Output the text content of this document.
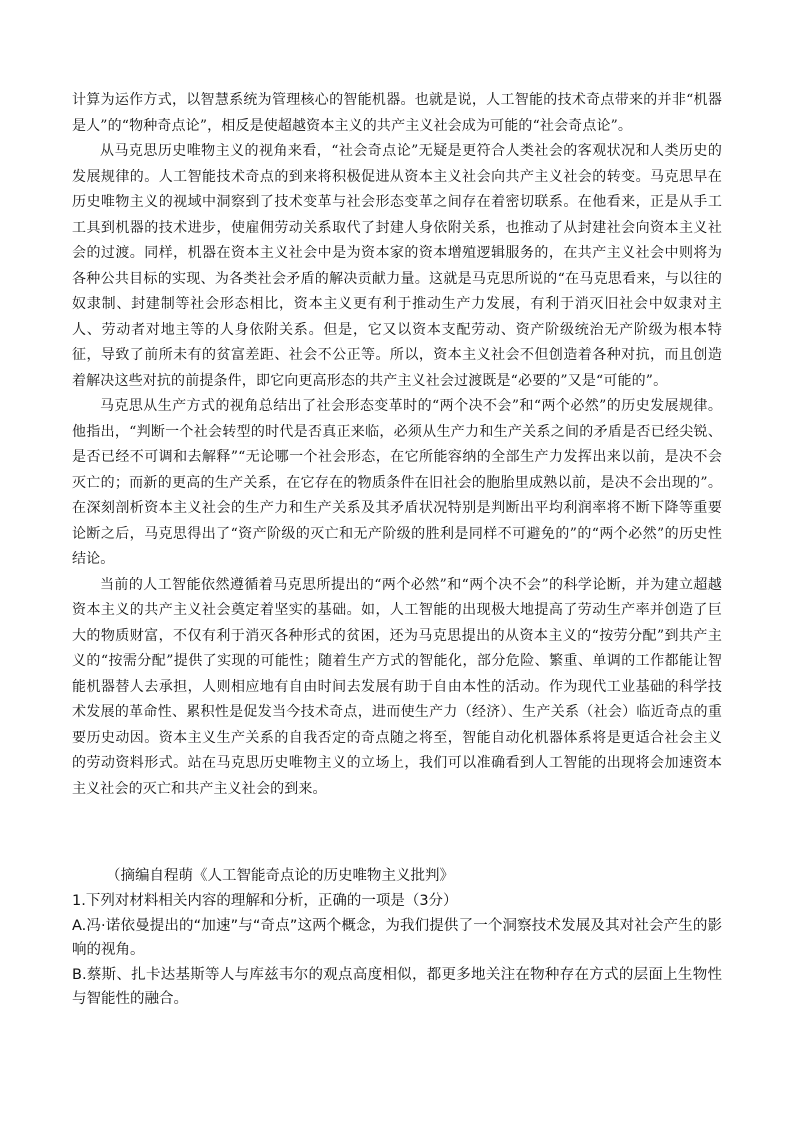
计算为运作方式，以智慧系统为管理核心的智能机器。也就是说，人工智能的技术奇点带来的并非“机器是人”的“物种奇点论”，相反是使超越资本主义的共产主义社会成为可能的“社会奇点论”。

从马克思历史唯物主义的视角来看，“社会奇点论”无疑是更符合人类社会的客观状况和人类历史的发展规律的。人工智能技术奇点的到来将积极促进从资本主义社会向共产主义社会的转变。马克思早在历史唯物主义的视域中洞察到了技术变革与社会形态变革之间存在着密切联系。在他看来，正是从手工工具到机器的技术进步，使雇佣劳动关系取代了封建人身依附关系，也推动了从封建社会向资本主义社会的过渡。同样，机器在资本主义社会中是为资本家的资本增殖逻辑服务的，在共产主义社会中则将为各种公共目标的实现、为各类社会矛盾的解决贡献力量。这就是马克思所说的“在马克思看来，与以往的奴隶制、封建制等社会形态相比，资本主义更有利于推动生产力发展，有利于消灭旧社会中奴隶对主人、劳动者对地主等的人身依附关系。但是，它又以资本支配劳动、资产阶级统治无产阶级为根本特征，导致了前所未有的贫富差距、社会不公正等。所以，资本主义社会不但创造着各种对抗，而且创造着解决这些对抗的前提条件，即它向更高形态的共产主义社会过渡既是“必要的”又是“可能的”。

马克思从生产方式的视角总结出了社会形态变革时的“两个决不会”和“两个必然”的历史发展规律。他指出，“判断一个社会转型的时代是否真正来临，必须从生产力和生产关系之间的矛盾是否已经尖锐、是否已经不可调和去解释”“无论哪一个社会形态，在它所能容纳的全部生产力发挥出来以前，是决不会灭亡的；而新的更高的生产关系，在它存在的物质条件在旧社会的胞胎里成熟以前，是决不会出现的”。在深刻剖析资本主义社会的生产力和生产关系及其矛盾状况特别是判断出平均利润率将不断下降等重要论断之后，马克思得出了“资产阶级的灭亡和无产阶级的胜利是同样不可避免的”的“两个必然”的历史性结论。

当前的人工智能依然遵循着马克思所提出的“两个必然”和“两个决不会”的科学论断，并为建立超越资本主义的共产主义社会奠定着坚实的基础。如，人工智能的出现极大地提高了劳动生产率并创造了巨大的物质财富，不仅有利于消灭各种形式的贫困，还为马克思提出的从资本主义的“按劳分配”到共产主义的“按需分配”提供了实现的可能性；随着生产方式的智能化，部分危险、繁重、单调的工作都能让智能机器替人去承担，人则相应地有自由时间去发展有助于自由本性的活动。作为现代工业基础的科学技术发展的革命性、累积性是促发当今技术奇点，进而使生产力（经济）、生产关系（社会）临近奇点的重要历史动因。资本主义生产关系的自我否定的奇点随之将至，智能自动化机器体系将是更适合社会主义的劳动资料形式。站在马克思历史唯物主义的立场上，我们可以准确看到人工智能的出现将会加速资本主义社会的灭亡和共产主义社会的到来。

（摘编自程萌《人工智能奇点论的历史唯物主义批判》

1.下列对材料相关内容的理解和分析，正确的一项是（3分）

A.冯·诺依曼提出的“加速”与“奇点”这两个概念，为我们提供了一个洞察技术发展及其对社会产生的影响的视角。

B.蔡斯、扎卡达基斯等人与库兹韦尔的观点高度相似，都更多地关注在物种存在方式的层面上生物性与智能性的融合。
